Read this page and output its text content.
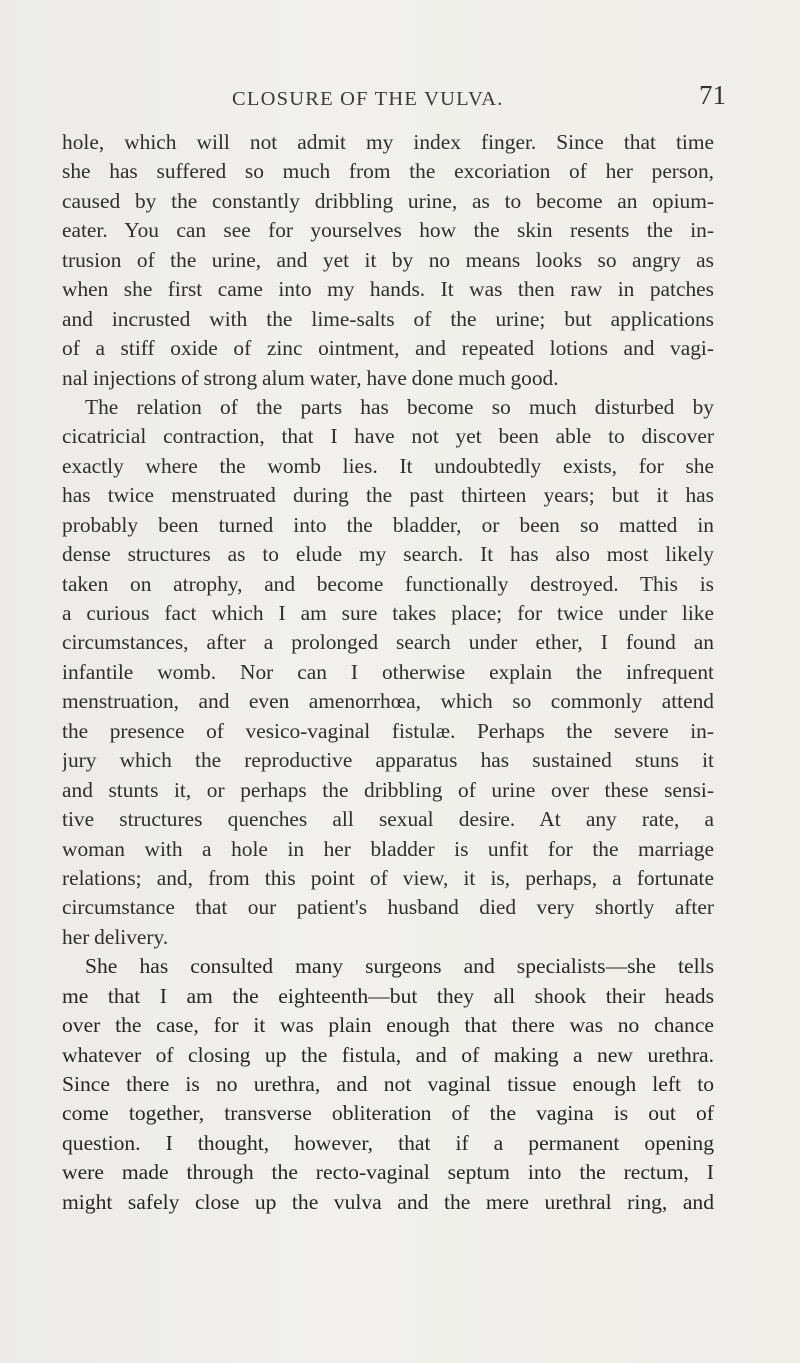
CLOSURE OF THE VULVA.	71
hole, which will not admit my index finger. Since that time
she has suffered so much from the excoriation of her person,
caused by the constantly dribbling urine, as to become an opium-
eater. You can see for yourselves how the skin resents the in-
trusion of the urine, and yet it by no means looks so angry as
when she first came into my hands. It was then raw in patches
and incrusted with the lime-salts of the urine; but applications
of a stiff oxide of zinc ointment, and repeated lotions and vagi-
nal injections of strong alum water, have done much good.
The relation of the parts has become so much disturbed by
cicatricial contraction, that I have not yet been able to discover
exactly where the womb lies. It undoubtedly exists, for she
has twice menstruated during the past thirteen years; but it has
probably been turned into the bladder, or been so matted in
dense structures as to elude my search. It has also most likely
taken on atrophy, and become functionally destroyed. This is
a curious fact which I am sure takes place; for twice under like
circumstances, after a prolonged search under ether, I found an
infantile womb. Nor can I otherwise explain the infrequent
menstruation, and even amenorrhœa, which so commonly attend
the presence of vesico-vaginal fistulæ. Perhaps the severe in-
jury which the reproductive apparatus has sustained stuns it
and stunts it, or perhaps the dribbling of urine over these sensi-
tive structures quenches all sexual desire. At any rate, a
woman with a hole in her bladder is unfit for the marriage
relations; and, from this point of view, it is, perhaps, a fortunate
circumstance that our patient's husband died very shortly after
her delivery.
She has consulted many surgeons and specialists—she tells
me that I am the eighteenth—but they all shook their heads
over the case, for it was plain enough that there was no chance
whatever of closing up the fistula, and of making a new urethra.
Since there is no urethra, and not vaginal tissue enough left to
come together, transverse obliteration of the vagina is out of
question. I thought, however, that if a permanent opening
were made through the recto-vaginal septum into the rectum, I
might safely close up the vulva and the mere urethral ring, and
